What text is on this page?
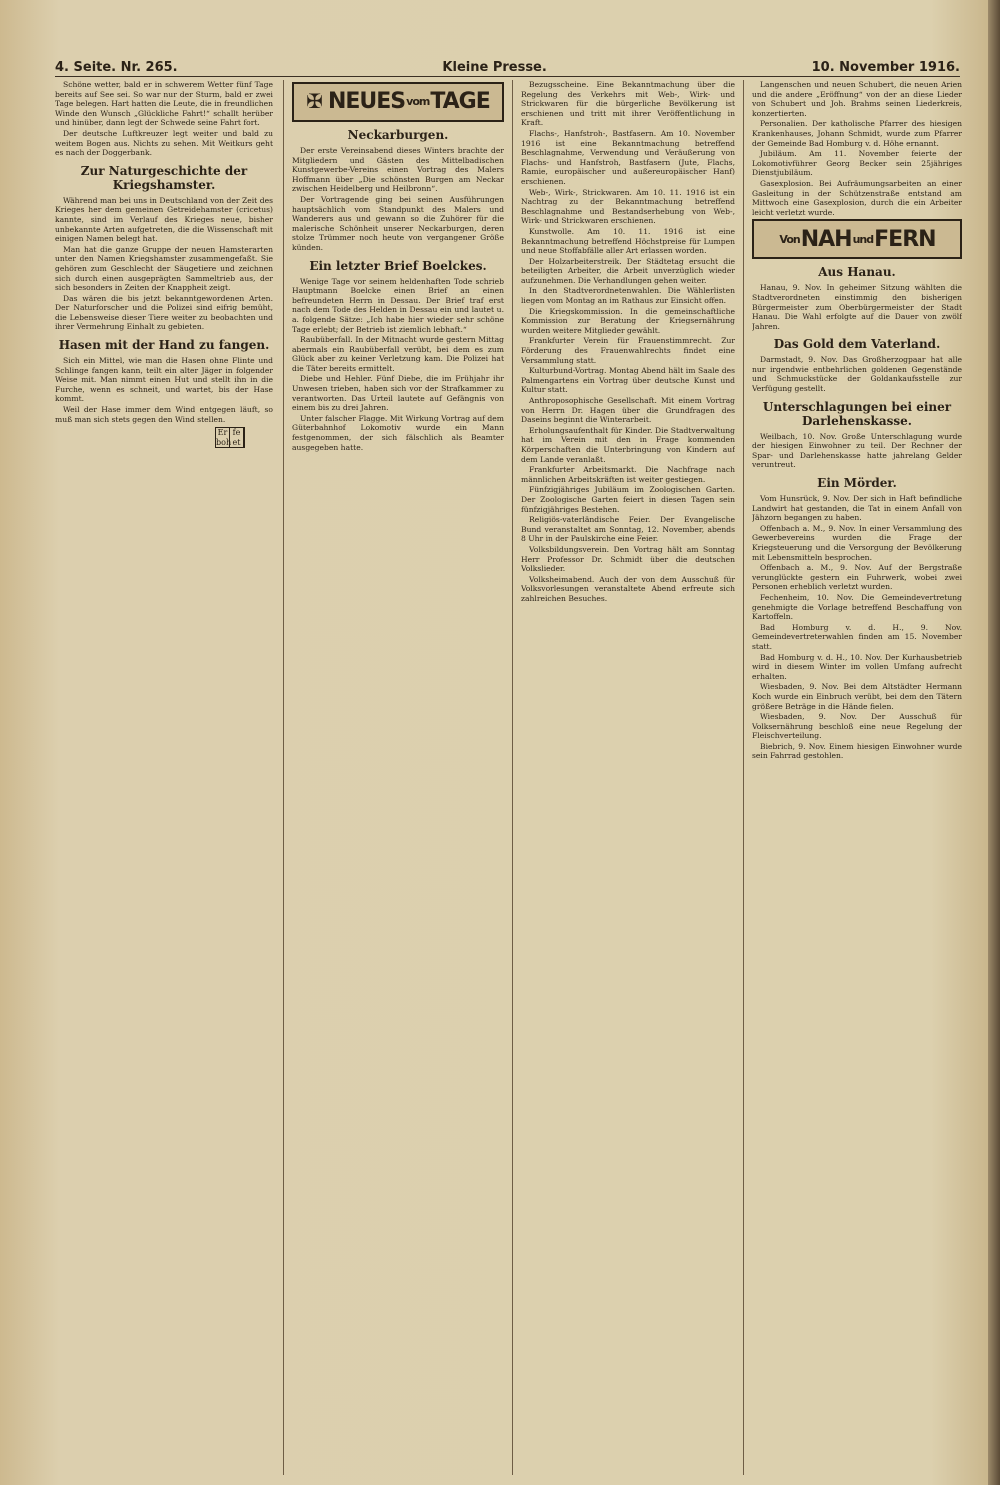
4. Seite. Nr. 265.	Kleine Presse.	10. November 1916.

Schöne wetter, bald er in schwerem Wetter fünf Tage bereits auf See sei. So war nur der Sturm, bald er zwei Tage belegen. Hart hatten die Leute, die in freundlichen Winde den Wunsch „Glückliche Fahrt!“ schallt herüber und hinüber, dann legt der Schwede seine Fahrt fort.

Der deutsche Luftkreuzer legt weiter und bald zu weitem Bogen aus. Nichts zu sehen. Mit Weitkurs geht es nach der Doggerbank.

Zur Naturgeschichte der Kriegshamster.

Während man bei uns in Deutschland von der Zeit des Krieges her dem gemeinen Getreidehamster (cricetus) kannte, sind im Verlauf des Krieges neue, bisher unbekannte Arten aufgetreten, die die Wissenschaft mit einigen Namen belegt hat.

Man hat die ganze Gruppe der neuen Hamsterarten unter den Namen Kriegshamster zusammengefaßt. Sie gehören zum Geschlecht der Säugetiere und zeichnen sich durch einen ausgeprägten Sammeltrieb aus, der sich besonders in Zeiten der Knappheit zeigt.

Das wären die bis jetzt bekanntgewordenen Arten. Der Naturforscher und die Polizei sind eifrig bemüht, die Lebensweise dieser Tiere weiter zu beobachten und ihrer Vermehrung Einhalt zu gebieten.

Hasen mit der Hand zu fangen.

Sich ein Mittel, wie man die Hasen ohne Flinte und Schlinge fangen kann, teilt ein alter Jäger in folgender Weise mit. Man nimmt einen Hut und stellt ihn in die Furche, wenn es schneit, und wartet, bis der Hase kommt.

Weil der Hase immer dem Wind entgegen läuft, so muß man sich stets gegen den Wind stellen.

Er fe
boh et
✠ NEUES vom TAGE
Neckarburgen.

Der erste Vereinsabend dieses Winters brachte der Mitgliedern und Gästen des Mittelbadischen Kunstgewerbe-Vereins einen Vortrag des Malers Hoffmann über „Die schönsten Burgen am Neckar zwischen Heidelberg und Heilbronn“.

Der Vortragende ging bei seinen Ausführungen hauptsächlich vom Standpunkt des Malers und Wanderers aus und gewann so die Zuhörer für die malerische Schönheit unserer Neckarburgen, deren stolze Trümmer noch heute von vergangener Größe künden.

Ein letzter Brief Boelckes.

Wenige Tage vor seinem heldenhaften Tode schrieb Hauptmann Boelcke einen Brief an einen befreundeten Herrn in Dessau. Der Brief traf erst nach dem Tode des Helden in Dessau ein und lautet u. a. folgende Sätze: „Ich habe hier wieder sehr schöne Tage erlebt; der Betrieb ist ziemlich lebhaft.“

Raubüberfall. In der Mitnacht wurde gestern Mittag abermals ein Raubüberfall verübt, bei dem es zum Glück aber zu keiner Verletzung kam. Die Polizei hat die Täter bereits ermittelt.

Diebe und Hehler. Fünf Diebe, die im Frühjahr ihr Unwesen trieben, haben sich vor der Strafkammer zu verantworten. Das Urteil lautete auf Gefängnis von einem bis zu drei Jahren.

Unter falscher Flagge. Mit Wirkung Vortrag auf dem Güterbahnhof Lokomotiv wurde ein Mann festgenommen, der sich fälschlich als Beamter ausgegeben hatte.

Bezugsscheine. Eine Bekanntmachung über die Regelung des Verkehrs mit Web-, Wirk- und Strickwaren für die bürgerliche Bevölkerung ist erschienen und tritt mit ihrer Veröffentlichung in Kraft.

Flachs-, Hanfstroh-, Bastfasern. Am 10. November 1916 ist eine Bekanntmachung betreffend Beschlagnahme, Verwendung und Veräußerung von Flachs- und Hanfstroh, Bastfasern (Jute, Flachs, Ramie, europäischer und außereuropäischer Hanf) erschienen.

Web-, Wirk-, Strickwaren. Am 10. 11. 1916 ist ein Nachtrag zu der Bekanntmachung betreffend Beschlagnahme und Bestandserhebung von Web-, Wirk- und Strickwaren erschienen.

Kunstwolle. Am 10. 11. 1916 ist eine Bekanntmachung betreffend Höchstpreise für Lumpen und neue Stoffabfälle aller Art erlassen worden.

Der Holzarbeiterstreik. Der Städtetag ersucht die beteiligten Arbeiter, die Arbeit unverzüglich wieder aufzunehmen. Die Verhandlungen gehen weiter.

In den Stadtverordnetenwahlen. Die Wählerlisten liegen vom Montag an im Rathaus zur Einsicht offen.

Die Kriegskommission. In die gemeinschaftliche Kommission zur Beratung der Kriegsernährung wurden weitere Mitglieder gewählt.

Frankfurter Verein für Frauenstimmrecht. Zur Förderung des Frauenwahlrechts findet eine Versammlung statt.

Kulturbund-Vortrag. Montag Abend hält im Saale des Palmengartens ein Vortrag über deutsche Kunst und Kultur statt.

Anthroposophische Gesellschaft. Mit einem Vortrag von Herrn Dr. Hagen über die Grundfragen des Daseins beginnt die Winterarbeit.

Erholungsaufenthalt für Kinder. Die Stadtverwaltung hat im Verein mit den in Frage kommenden Körperschaften die Unterbringung von Kindern auf dem Lande veranlaßt.

Frankfurter Arbeitsmarkt. Die Nachfrage nach männlichen Arbeitskräften ist weiter gestiegen.

Fünfzigjähriges Jubiläum im Zoologischen Garten. Der Zoologische Garten feiert in diesen Tagen sein fünfzigjähriges Bestehen.

Religiös-vaterländische Feier. Der Evangelische Bund veranstaltet am Sonntag, 12. November, abends 8 Uhr in der Paulskirche eine Feier.

Volksbildungsverein. Den Vortrag hält am Sonntag Herr Professor Dr. Schmidt über die deutschen Volkslieder.

Volksheimabend. Auch der von dem Ausschuß für Volksvorlesungen veranstaltete Abend erfreute sich zahlreichen Besuches.

Langenschen und neuen Schubert, die neuen Arien und die andere „Eröffnung“ von der an diese Lieder von Schubert und Joh. Brahms seinen Liederkreis, konzertierten.

Personalien. Der katholische Pfarrer des hiesigen Krankenhauses, Johann Schmidt, wurde zum Pfarrer der Gemeinde Bad Homburg v. d. Höhe ernannt.

Jubiläum. Am 11. November feierte der Lokomotivführer Georg Becker sein 25jähriges Dienstjubiläum.

Gasexplosion. Bei Aufräumungsarbeiten an einer Gasleitung in der Schützenstraße entstand am Mittwoch eine Gasexplosion, durch die ein Arbeiter leicht verletzt wurde.

Von NAH und FERN
Aus Hanau.

Hanau, 9. Nov. In geheimer Sitzung wählten die Stadtverordneten einstimmig den bisherigen Bürgermeister zum Oberbürgermeister der Stadt Hanau. Die Wahl erfolgte auf die Dauer von zwölf Jahren.

Das Gold dem Vaterland.

Darmstadt, 9. Nov. Das Großherzogpaar hat alle nur irgendwie entbehrlichen goldenen Gegenstände und Schmuckstücke der Goldankaufsstelle zur Verfügung gestellt.

Unterschlagungen bei einer Darlehenskasse.

Weilbach, 10. Nov. Große Unterschlagung wurde der hiesigen Einwohner zu teil. Der Rechner der Spar- und Darlehenskasse hatte jahrelang Gelder veruntreut.

Ein Mörder.

Vom Hunsrück, 9. Nov. Der sich in Haft befindliche Landwirt hat gestanden, die Tat in einem Anfall von Jähzorn begangen zu haben.

Offenbach a. M., 9. Nov. In einer Versammlung des Gewerbevereins wurden die Frage der Kriegsteuerung und die Versorgung der Bevölkerung mit Lebensmitteln besprochen.

Offenbach a. M., 9. Nov. Auf der Bergstraße verunglückte gestern ein Fuhrwerk, wobei zwei Personen erheblich verletzt wurden.

Fechenheim, 10. Nov. Die Gemeindevertretung genehmigte die Vorlage betreffend Beschaffung von Kartoffeln.

Bad Homburg v. d. H., 9. Nov. Gemeindevertreterwahlen finden am 15. November statt.

Bad Homburg v. d. H., 10. Nov. Der Kurhausbetrieb wird in diesem Winter im vollen Umfang aufrecht erhalten.

Wiesbaden, 9. Nov. Bei dem Altstädter Hermann Koch wurde ein Einbruch verübt, bei dem den Tätern größere Beträge in die Hände fielen.

Wiesbaden, 9. Nov. Der Ausschuß für Volksernährung beschloß eine neue Regelung der Fleischverteilung.

Biebrich, 9. Nov. Einem hiesigen Einwohner wurde sein Fahrrad gestohlen.
